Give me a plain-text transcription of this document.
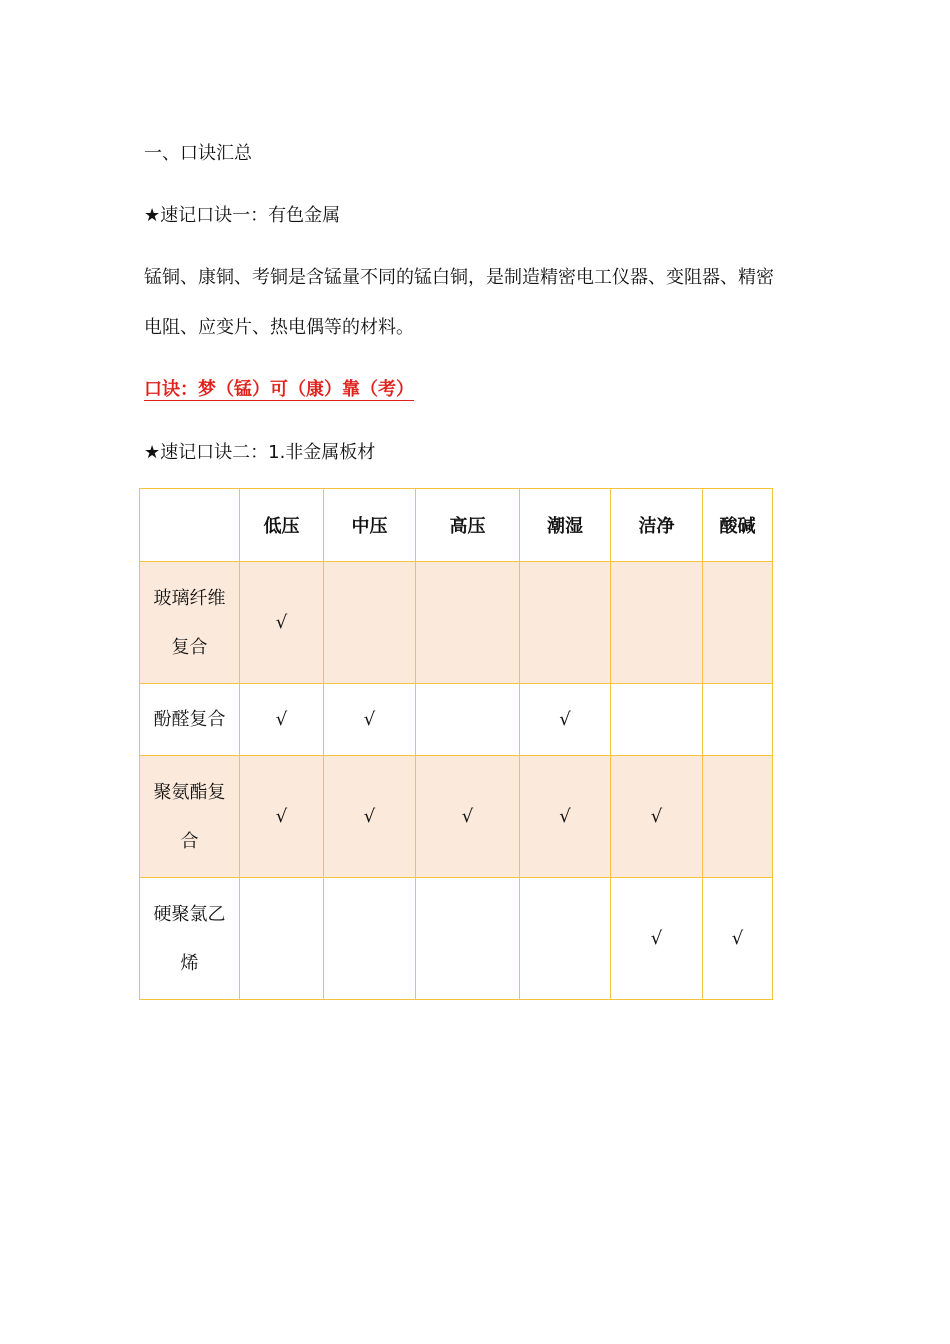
一、口诀汇总
★速记口诀一：有色金属
锰铜、康铜、考铜是含锰量不同的锰白铜，是制造精密电工仪器、变阻器、精密
电阻、应变片、热电偶等的材料。
口诀：梦（锰）可（康）靠（考）
★速记口诀二：1.非金属板材
	低压	中压	高压	潮湿	洁净	酸碱
玻璃纤维复合	√					
酚醛复合	√	√		√		
聚氨酯复合	√	√	√	√	√	
硬聚氯乙烯					√	√
